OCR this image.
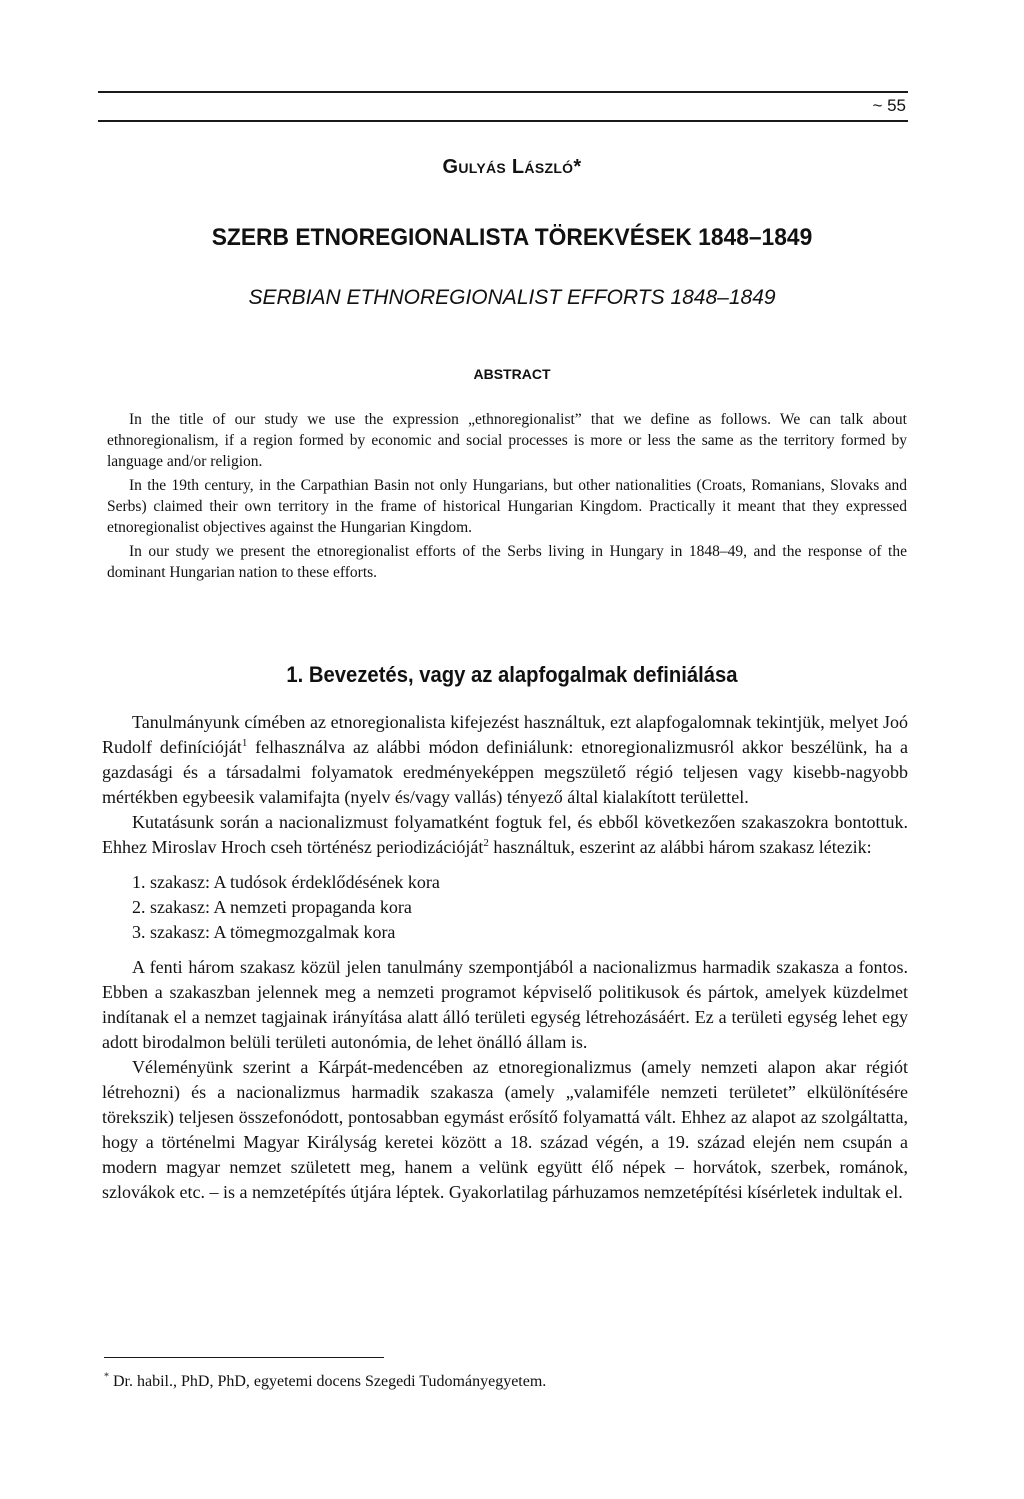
~ 55
Gulyás László*
SZERB ETNOREGIONALISTA TÖREKVÉSEK 1848–1849
SERBIAN ETHNOREGIONALIST EFFORTS 1848–1849
ABSTRACT

In the title of our study we use the expression „ethnoregionalist” that we define as follows. We can talk about ethnoregionalism, if a region formed by economic and social processes is more or less the same as the territory formed by language and/or religion.

In the 19th century, in the Carpathian Basin not only Hungarians, but other nationalities (Croats, Romanians, Slovaks and Serbs) claimed their own territory in the frame of historical Hungarian Kingdom. Practically it meant that they expressed etnoregionalist objectives against the Hungarian Kingdom.

In our study we present the etnoregionalist efforts of the Serbs living in Hungary in 1848–49, and the response of the dominant Hungarian nation to these efforts.

1. Bevezetés, vagy az alapfogalmak definiálása

Tanulmányunk címében az etnoregionalista kifejezést használtuk, ezt alapfogalomnak tekintjük, melyet Joó Rudolf definícióját$^1$ felhasználva az alábbi módon definiálunk: etnoregionalizmusról akkor beszélünk, ha a gazdasági és a társadalmi folyamatok eredményeképpen megszülető régió teljesen vagy kisebb-nagyobb mértékben egybeesik valamifajta (nyelv és/vagy vallás) tényező által kialakított területtel.

Kutatásunk során a nacionalizmust folyamatként fogtuk fel, és ebből következően szakaszokra bontottuk. Ehhez Miroslav Hroch cseh történész periodizációját$^2$ használtuk, eszerint az alábbi három szakasz létezik:

1. szakasz: A tudósok érdeklődésének kora
2. szakasz: A nemzeti propaganda kora
3. szakasz: A tömegmozgalmak kora

A fenti három szakasz közül jelen tanulmány szempontjából a nacionalizmus harmadik szakasza a fontos. Ebben a szakaszban jelennek meg a nemzeti programot képviselő politikusok és pártok, amelyek küzdelmet indítanak el a nemzet tagjainak irányítása alatt álló területi egység létrehozásáért. Ez a területi egység lehet egy adott birodalmon belüli területi autonómia, de lehet önálló állam is.

Véleményünk szerint a Kárpát-medencében az etnoregionalizmus (amely nemzeti alapon akar régiót létrehozni) és a nacionalizmus harmadik szakasza (amely „valamiféle nemzeti területet” elkülönítésére törekszik) teljesen összefonódott, pontosabban egymást erősítő folyamattá vált. Ehhez az alapot az szolgáltatta, hogy a történelmi Magyar Királyság keretei között a 18. század végén, a 19. század elején nem csupán a modern magyar nemzet született meg, hanem a velünk együtt élő népek – horvátok, szerbek, románok, szlovákok etc. – is a nemzetépítés útjára léptek. Gyakorlatilag párhuzamos nemzetépítési kísérletek indultak el.

* Dr. habil., PhD, PhD, egyetemi docens Szegedi Tudományegyetem.
